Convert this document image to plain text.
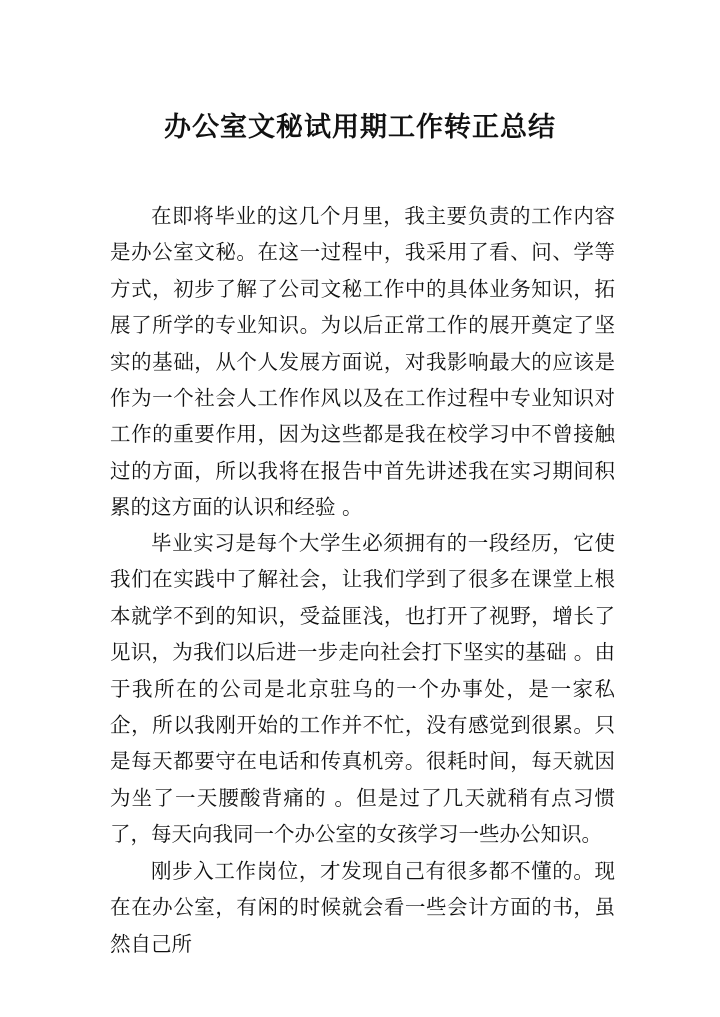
办公室文秘试用期工作转正总结

在即将毕业的这几个月里，我主要负责的工作内容是办公室文秘。在这一过程中，我采用了看、问、学等方式，初步了解了公司文秘工作中的具体业务知识，拓展了所学的专业知识。为以后正常工作的展开奠定了坚实的基础，从个人发展方面说，对我影响最大的应该是作为一个社会人工作作风以及在工作过程中专业知识对工作的重要作用，因为这些都是我在校学习中不曾接触过的方面，所以我将在报告中首先讲述我在实习期间积累的这方面的认识和经验 。

毕业实习是每个大学生必须拥有的一段经历，它使我们在实践中了解社会，让我们学到了很多在课堂上根本就学不到的知识，受益匪浅，也打开了视野，增长了见识，为我们以后进一步走向社会打下坚实的基础 。由于我所在的公司是北京驻乌的一个办事处，是一家私企，所以我刚开始的工作并不忙，没有感觉到很累。只是每天都要守在电话和传真机旁。很耗时间，每天就因为坐了一天腰酸背痛的 。但是过了几天就稍有点习惯了，每天向我同一个办公室的女孩学习一些办公知识。

刚步入工作岗位，才发现自己有很多都不懂的。现在在办公室，有闲的时候就会看一些会计方面的书，虽然自己所
